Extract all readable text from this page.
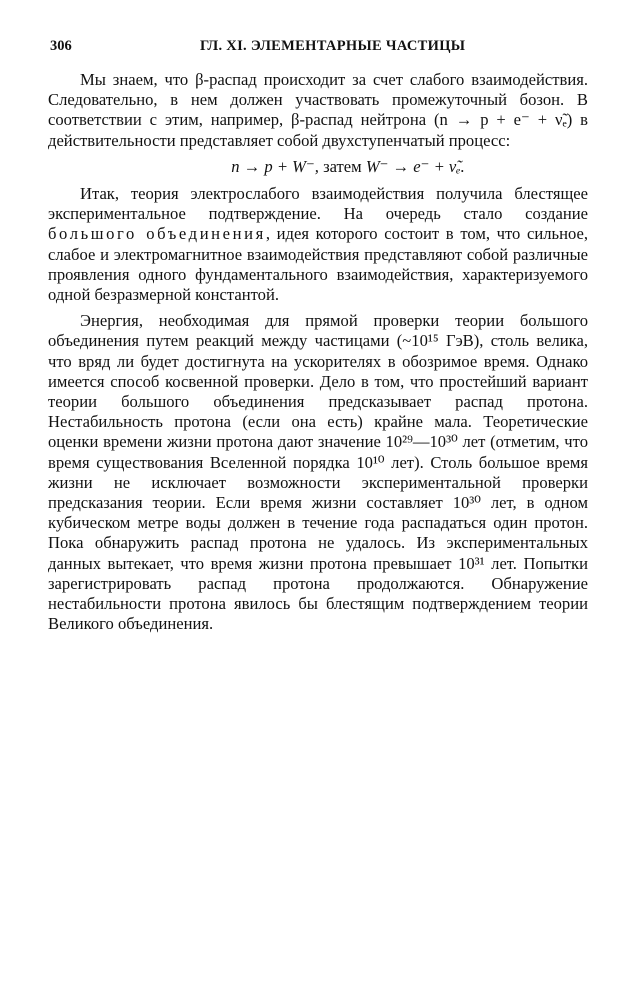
306	ГЛ. XI. ЭЛЕМЕНТАРНЫЕ ЧАСТИЦЫ

Мы знаем, что β-распад происходит за счет слабого взаимодействия. Следовательно, в нем должен участвовать промежуточный бозон. В соответствии с этим, например, β-распад нейтрона (n → p + e⁻ + ν̃ₑ) в действительности представляет собой двухступенчатый процесс:

n → p + W⁻, затем W⁻ → e⁻ + ν̃ₑ.

Итак, теория электрослабого взаимодействия получила блестящее экспериментальное подтверждение. На очередь стало создание большого объединения, идея которого состоит в том, что сильное, слабое и электромагнитное взаимодействия представляют собой различные проявления одного фундаментального взаимодействия, характеризуемого одной безразмерной константой.

Энергия, необходимая для прямой проверки теории большого объединения путем реакций между частицами (~10¹⁵ ГэВ), столь велика, что вряд ли будет достигнута на ускорителях в обозримое время. Однако имеется способ косвенной проверки. Дело в том, что простейший вариант теории большого объединения предсказывает распад протона. Нестабильность протона (если она есть) крайне мала. Теоретические оценки времени жизни протона дают значение 10²⁹—10³⁰ лет (отметим, что время существования Вселенной порядка 10¹⁰ лет). Столь большое время жизни не исключает возможности экспериментальной проверки предсказания теории. Если время жизни составляет 10³⁰ лет, в одном кубическом метре воды должен в течение года распадаться один протон. Пока обнаружить распад протона не удалось. Из экспериментальных данных вытекает, что время жизни протона превышает 10³¹ лет. Попытки зарегистрировать распад протона продолжаются. Обнаружение нестабильности протона явилось бы блестящим подтверждением теории Великого объединения.
